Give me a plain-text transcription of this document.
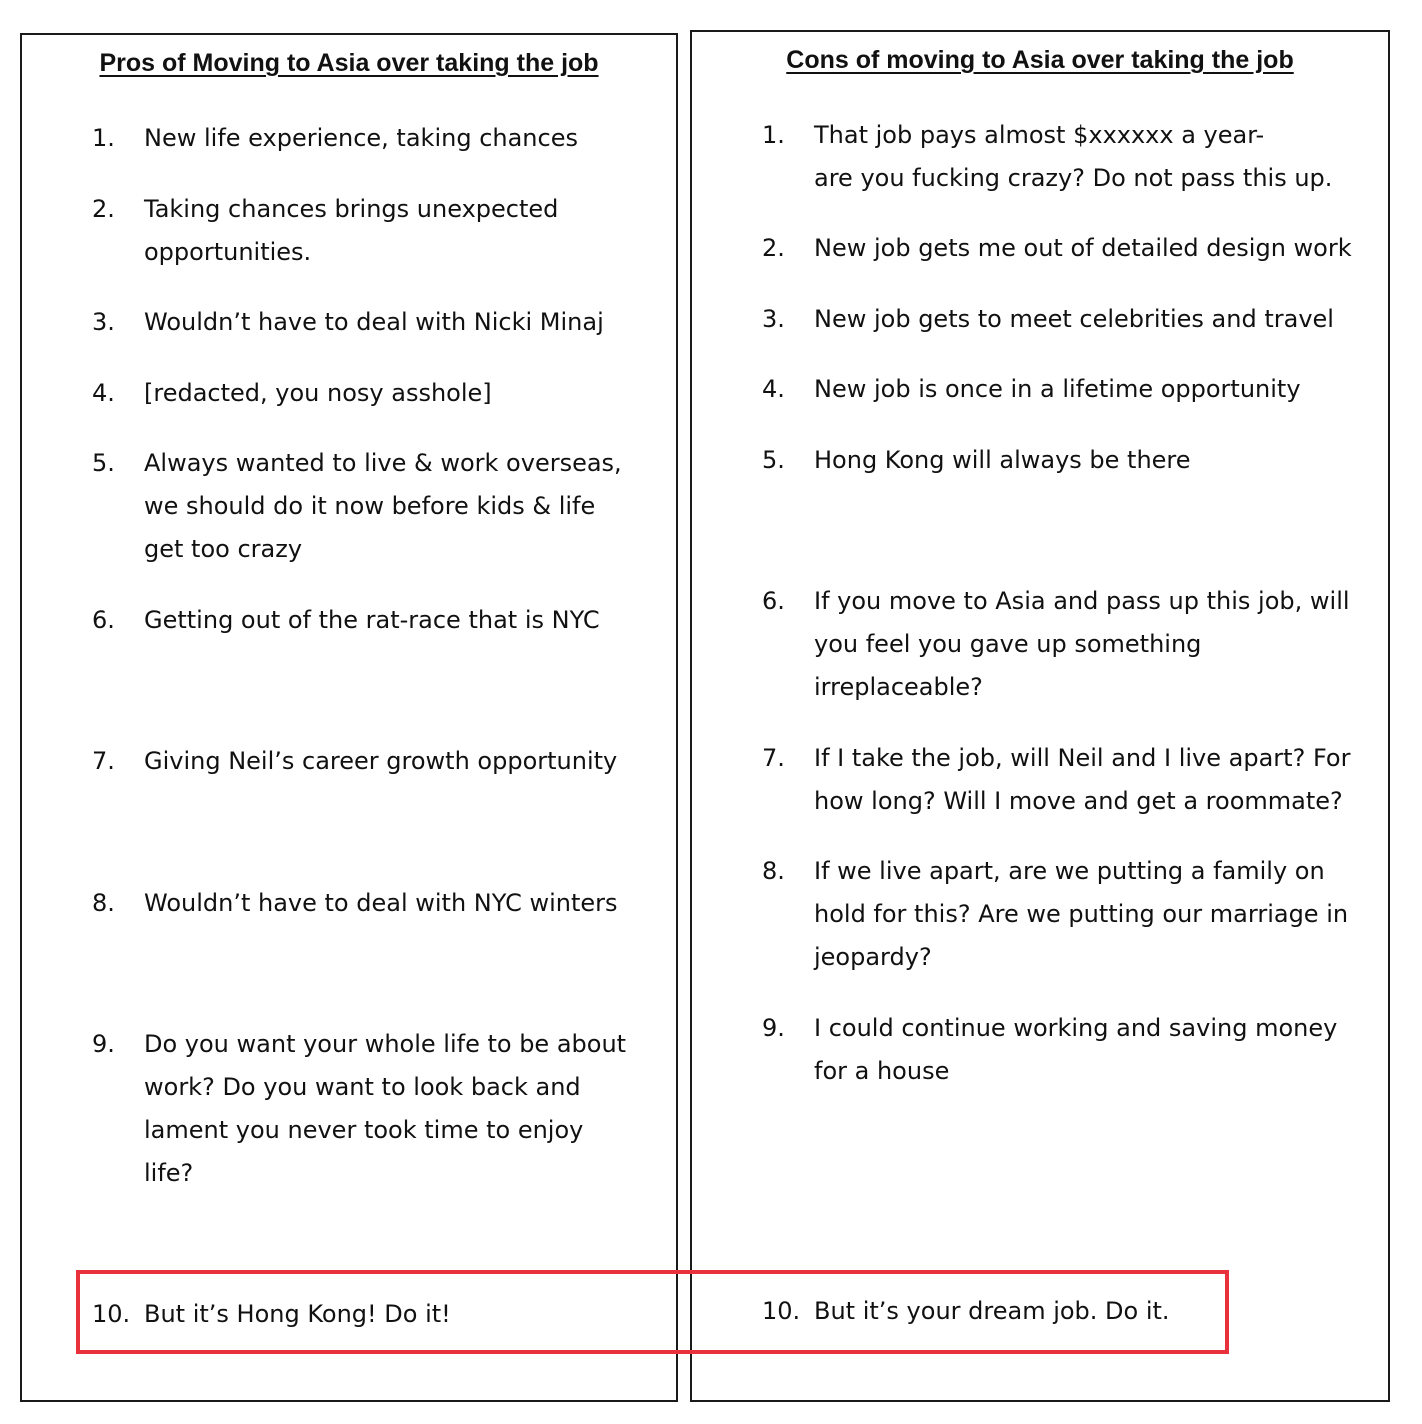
Pros of Moving to Asia over taking the job
1. New life experience, taking chances
2. Taking chances brings unexpected
opportunities.
3. Wouldn’t have to deal with Nicki Minaj
4. [redacted, you nosy asshole]
5. Always wanted to live & work overseas,
we should do it now before kids & life
get too crazy
6. Getting out of the rat-race that is NYC
7. Giving Neil’s career growth opportunity
8. Wouldn’t have to deal with NYC winters
9. Do you want your whole life to be about
work? Do you want to look back and
lament you never took time to enjoy
life?
10. But it’s Hong Kong! Do it!
Cons of moving to Asia over taking the job
1. That job pays almost $xxxxxx a year-
are you fucking crazy? Do not pass this up.
2. New job gets me out of detailed design work
3. New job gets to meet celebrities and travel
4. New job is once in a lifetime opportunity
5. Hong Kong will always be there
6. If you move to Asia and pass up this job, will
you feel you gave up something
irreplaceable?
7. If I take the job, will Neil and I live apart? For
how long? Will I move and get a roommate?
8. If we live apart, are we putting a family on
hold for this? Are we putting our marriage in
jeopardy?
9. I could continue working and saving money
for a house
10. But it’s your dream job. Do it.
